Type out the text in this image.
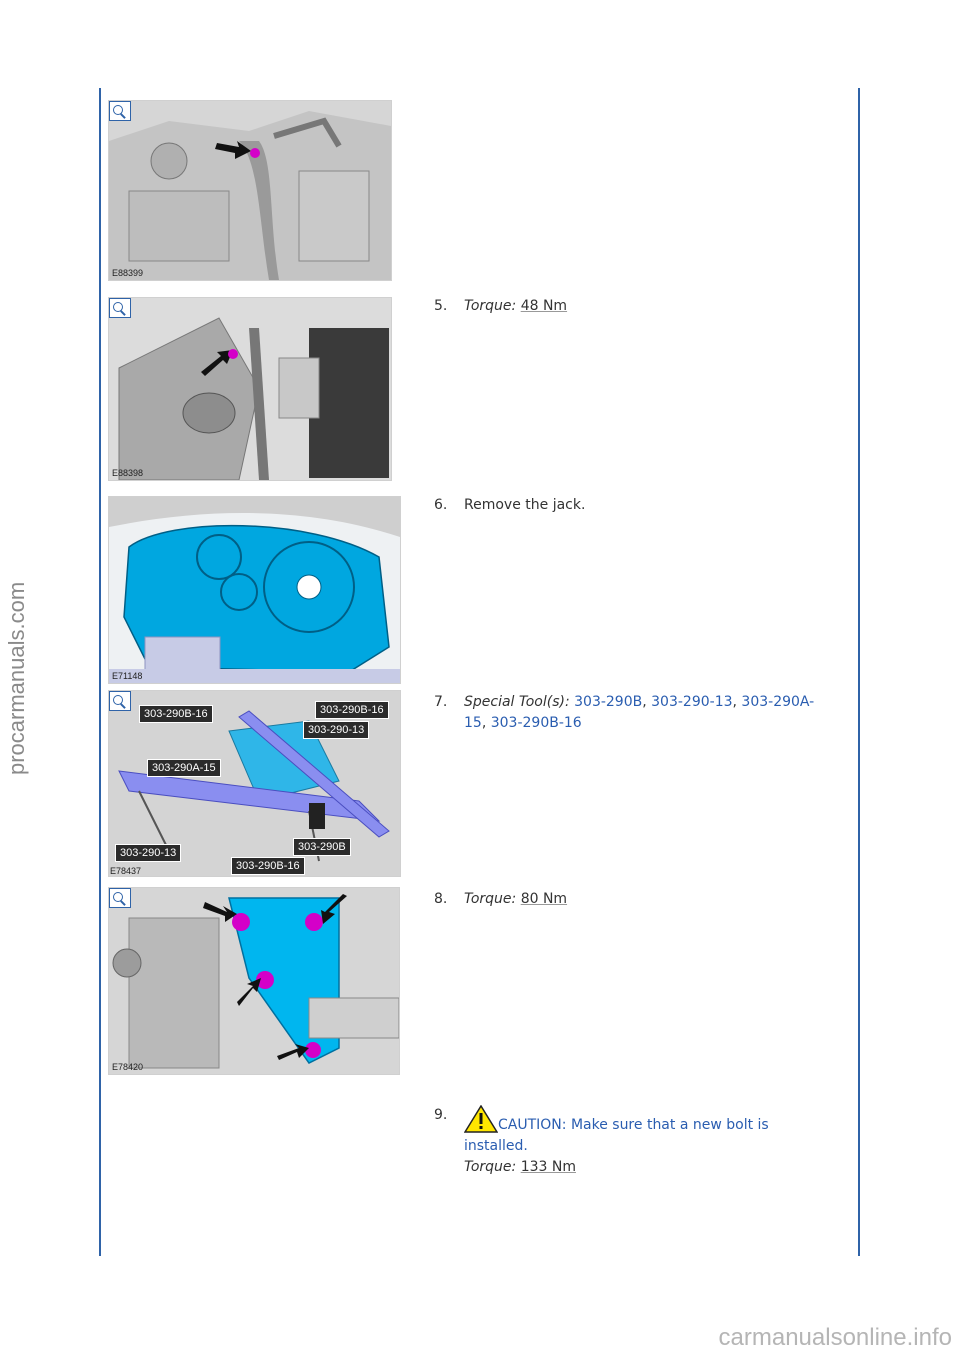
procarmanuals.com
carmanualsonline.info
E88399
E88398
E71148
303-290B-16	303-290B-16
303-290-13
303-290A-15
303-290-13
303-290B-16
303-290B
E78437
E78420
5. Torque: 48 Nm
6. Remove the jack.
7. Special Tool(s): 303-290B, 303-290-13, 303-290A-15, 303-290B-16
8. Torque: 80 Nm
9.
CAUTION: Make sure that a new bolt is installed.
Torque: 133 Nm
